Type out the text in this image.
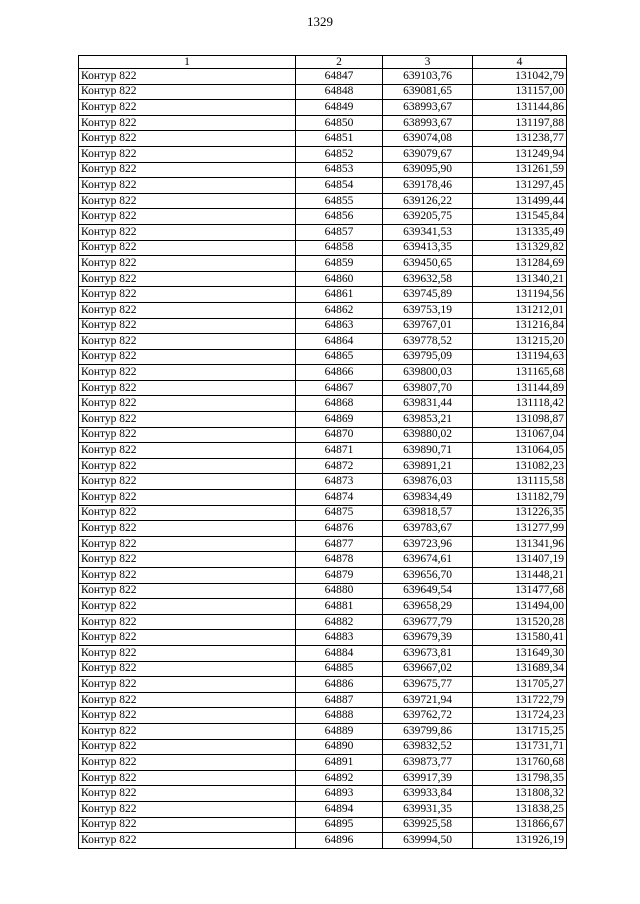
1329
1	2	3	4
Контур 822	64847	639103,76	131042,79
Контур 822	64848	639081,65	131157,00
Контур 822	64849	638993,67	131144,86
Контур 822	64850	638993,67	131197,88
Контур 822	64851	639074,08	131238,77
Контур 822	64852	639079,67	131249,94
Контур 822	64853	639095,90	131261,59
Контур 822	64854	639178,46	131297,45
Контур 822	64855	639126,22	131499,44
Контур 822	64856	639205,75	131545,84
Контур 822	64857	639341,53	131335,49
Контур 822	64858	639413,35	131329,82
Контур 822	64859	639450,65	131284,69
Контур 822	64860	639632,58	131340,21
Контур 822	64861	639745,89	131194,56
Контур 822	64862	639753,19	131212,01
Контур 822	64863	639767,01	131216,84
Контур 822	64864	639778,52	131215,20
Контур 822	64865	639795,09	131194,63
Контур 822	64866	639800,03	131165,68
Контур 822	64867	639807,70	131144,89
Контур 822	64868	639831,44	131118,42
Контур 822	64869	639853,21	131098,87
Контур 822	64870	639880,02	131067,04
Контур 822	64871	639890,71	131064,05
Контур 822	64872	639891,21	131082,23
Контур 822	64873	639876,03	131115,58
Контур 822	64874	639834,49	131182,79
Контур 822	64875	639818,57	131226,35
Контур 822	64876	639783,67	131277,99
Контур 822	64877	639723,96	131341,96
Контур 822	64878	639674,61	131407,19
Контур 822	64879	639656,70	131448,21
Контур 822	64880	639649,54	131477,68
Контур 822	64881	639658,29	131494,00
Контур 822	64882	639677,79	131520,28
Контур 822	64883	639679,39	131580,41
Контур 822	64884	639673,81	131649,30
Контур 822	64885	639667,02	131689,34
Контур 822	64886	639675,77	131705,27
Контур 822	64887	639721,94	131722,79
Контур 822	64888	639762,72	131724,23
Контур 822	64889	639799,86	131715,25
Контур 822	64890	639832,52	131731,71
Контур 822	64891	639873,77	131760,68
Контур 822	64892	639917,39	131798,35
Контур 822	64893	639933,84	131808,32
Контур 822	64894	639931,35	131838,25
Контур 822	64895	639925,58	131866,67
Контур 822	64896	639994,50	131926,19
